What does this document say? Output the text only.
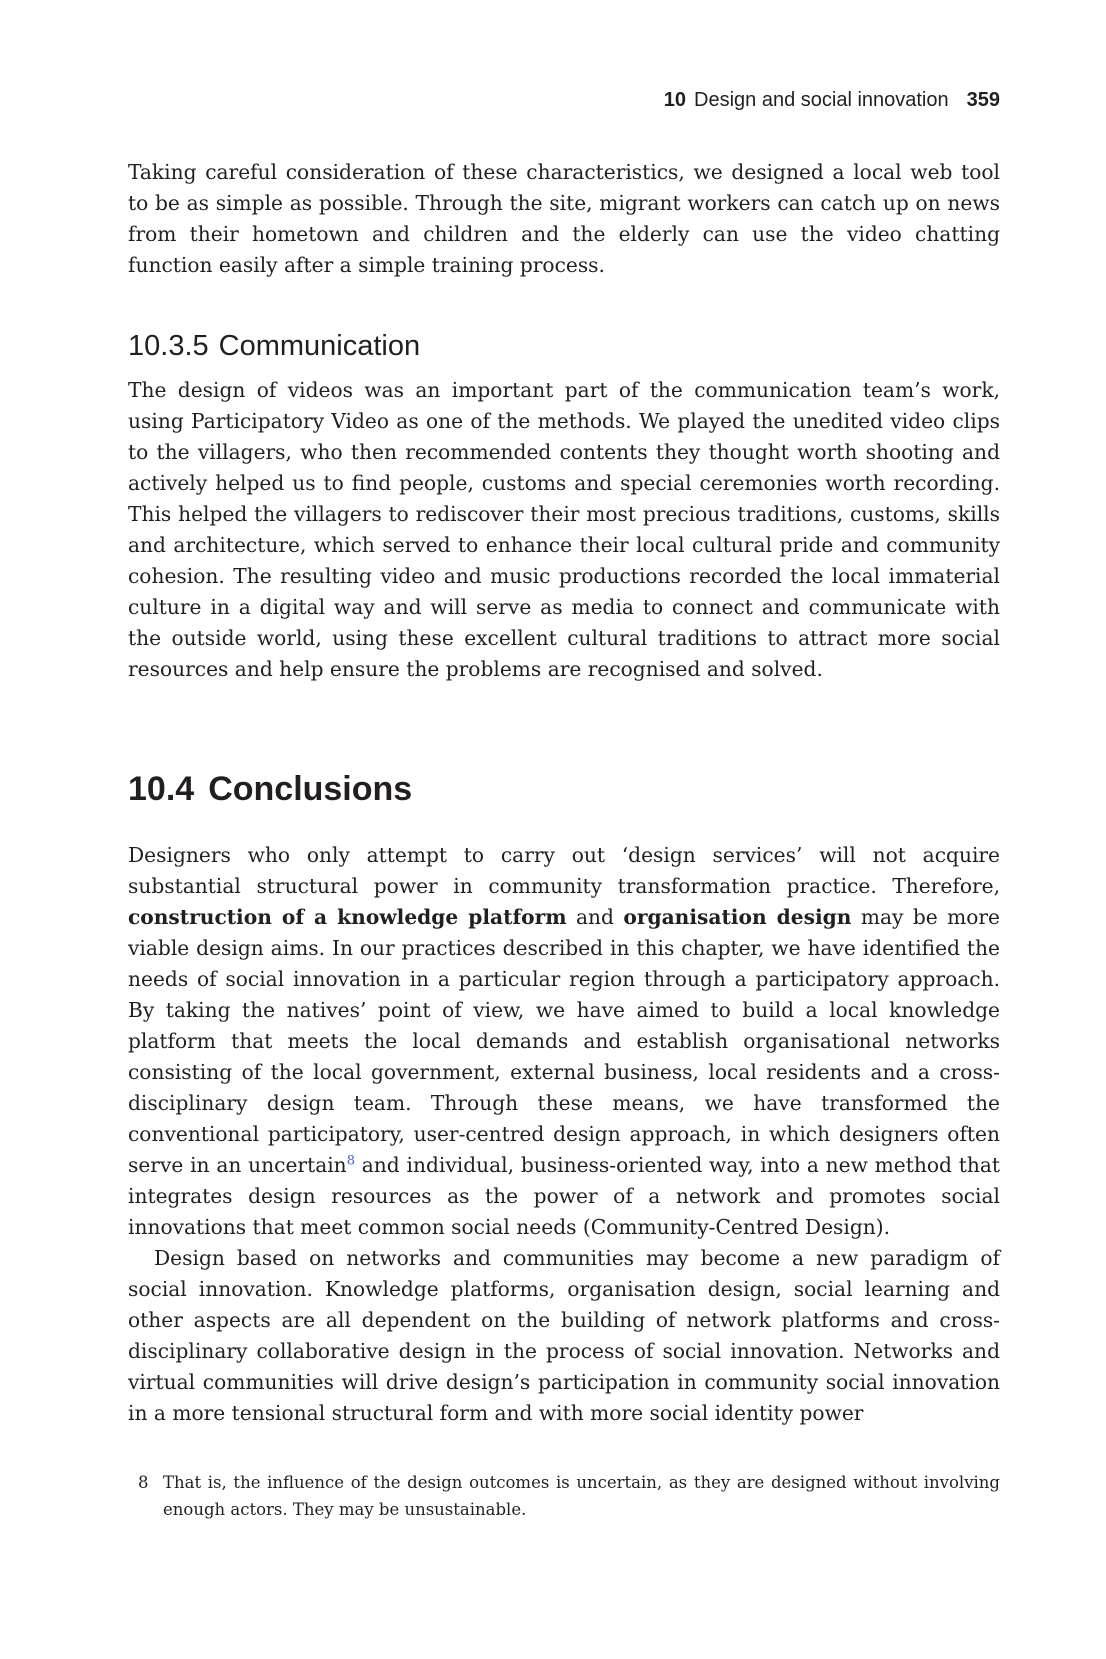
10 Design and social innovation 359

Taking careful consideration of these characteristics, we designed a local web tool to be as simple as possible. Through the site, migrant workers can catch up on news from their hometown and children and the elderly can use the video chatting function easily after a simple training process.

10.3.5 Communication

The design of videos was an important part of the communication team’s work, using Participatory Video as one of the methods. We played the unedited video clips to the villagers, who then recommended contents they thought worth shooting and actively helped us to find people, customs and special ceremonies worth recording. This helped the villagers to rediscover their most precious traditions, customs, skills and architecture, which served to enhance their local cultural pride and community cohesion. The resulting video and music productions recorded the local immaterial culture in a digital way and will serve as media to connect and communicate with the outside world, using these excellent cultural traditions to attract more social resources and help ensure the problems are recognised and solved.

10.4 Conclusions

Designers who only attempt to carry out ‘design services’ will not acquire substantial structural power in community transformation practice. Therefore, construction of a knowledge platform and organisation design may be more viable design aims. In our practices described in this chapter, we have identified the needs of social innovation in a particular region through a participatory approach. By taking the natives’ point of view, we have aimed to build a local knowledge platform that meets the local demands and establish organisational networks consisting of the local government, external business, local residents and a cross-disciplinary design team. Through these means, we have transformed the conventional participatory, user-centred design approach, in which designers often serve in an uncertain$^8$ and individual, business-oriented way, into a new method that integrates design resources as the power of a network and promotes social innovations that meet common social needs (Community-Centred Design).

Design based on networks and communities may become a new paradigm of social innovation. Knowledge platforms, organisation design, social learning and other aspects are all dependent on the building of network platforms and cross-disciplinary collaborative design in the process of social innovation. Networks and virtual communities will drive design’s participation in community social innovation in a more tensional structural form and with more social identity power

8 That is, the influence of the design outcomes is uncertain, as they are designed without involving enough actors. They may be unsustainable.
